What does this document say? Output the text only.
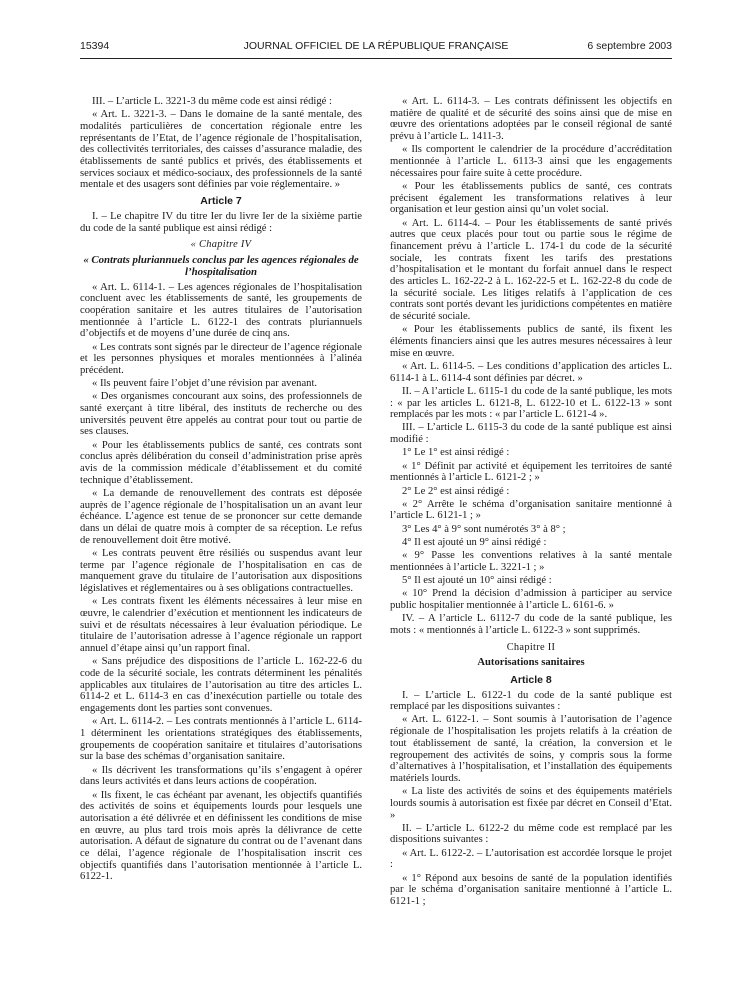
15394	JOURNAL OFFICIEL DE LA RÉPUBLIQUE FRANÇAISE	6 septembre 2003

III. – L’article L. 3221-3 du même code est ainsi rédigé :

« Art. L. 3221-3. – Dans le domaine de la santé mentale, des modalités particulières de concertation régionale entre les représentants de l’Etat, de l’agence régionale de l’hospitalisation, des collectivités territoriales, des caisses d’assurance maladie, des établissements de santé publics et privés, des établissements et services sociaux et médico-sociaux, des professionnels de la santé mentale et des usagers sont définies par voie réglementaire. »

Article 7

I. – Le chapitre IV du titre Ier du livre Ier de la sixième partie du code de la santé publique est ainsi rédigé :

« Chapitre IV
« Contrats pluriannuels conclus par les agences régionales de l’hospitalisation

« Art. L. 6114-1. – Les agences régionales de l’hospitalisation concluent avec les établissements de santé, les groupements de coopération sanitaire et les autres titulaires de l’autorisation mentionnée à l’article L. 6122-1 des contrats pluriannuels d’objectifs et de moyens d’une durée de cinq ans.

« Les contrats sont signés par le directeur de l’agence régionale et les personnes physiques et morales mentionnées à l’alinéa précédent.

« Ils peuvent faire l’objet d’une révision par avenant.

« Des organismes concourant aux soins, des professionnels de santé exerçant à titre libéral, des instituts de recherche ou des universités peuvent être appelés au contrat pour tout ou partie de ses clauses.

« Pour les établissements publics de santé, ces contrats sont conclus après délibération du conseil d’administration prise après avis de la commission médicale d’établissement et du comité technique d’établissement.

« La demande de renouvellement des contrats est déposée auprès de l’agence régionale de l’hospitalisation un an avant leur échéance. L’agence est tenue de se prononcer sur cette demande dans un délai de quatre mois à compter de sa réception. Le refus de renouvellement doit être motivé.

« Les contrats peuvent être résiliés ou suspendus avant leur terme par l’agence régionale de l’hospitalisation en cas de manquement grave du titulaire de l’autorisation aux dispositions législatives et réglementaires ou à ses obligations contractuelles.

« Les contrats fixent les éléments nécessaires à leur mise en œuvre, le calendrier d’exécution et mentionnent les indicateurs de suivi et de résultats nécessaires à leur évaluation périodique. Le titulaire de l’autorisation adresse à l’agence régionale un rapport annuel d’étape ainsi qu’un rapport final.

« Sans préjudice des dispositions de l’article L. 162-22-6 du code de la sécurité sociale, les contrats déterminent les pénalités applicables aux titulaires de l’autorisation au titre des articles L. 6114-2 et L. 6114-3 en cas d’inexécution partielle ou totale des engagements dont les parties sont convenues.

« Art. L. 6114-2. – Les contrats mentionnés à l’article L. 6114-1 déterminent les orientations stratégiques des établissements, groupements de coopération sanitaire et titulaires d’autorisations sur la base des schémas d’organisation sanitaire.

« Ils décrivent les transformations qu’ils s’engagent à opérer dans leurs activités et dans leurs actions de coopération.

« Ils fixent, le cas échéant par avenant, les objectifs quantifiés des activités de soins et équipements lourds pour lesquels une autorisation a été délivrée et en définissent les conditions de mise en œuvre, au plus tard trois mois après la délivrance de cette autorisation. A défaut de signature du contrat ou de l’avenant dans ce délai, l’agence régionale de l’hospitalisation inscrit ces objectifs quantifiés dans l’autorisation mentionnée à l’article L. 6122-1.

« Art. L. 6114-3. – Les contrats définissent les objectifs en matière de qualité et de sécurité des soins ainsi que de mise en œuvre des orientations adoptées par le conseil régional de santé prévu à l’article L. 1411-3.

« Ils comportent le calendrier de la procédure d’accréditation mentionnée à l’article L. 6113-3 ainsi que les engagements nécessaires pour faire suite à cette procédure.

« Pour les établissements publics de santé, ces contrats précisent également les transformations relatives à leur organisation et leur gestion ainsi qu’un volet social.

« Art. L. 6114-4. – Pour les établissements de santé privés autres que ceux placés pour tout ou partie sous le régime de financement prévu à l’article L. 174-1 du code de la sécurité sociale, les contrats fixent les tarifs des prestations d’hospitalisation et le montant du forfait annuel dans le respect des articles L. 162-22-2 à L. 162-22-5 et L. 162-22-8 du code de la sécurité sociale. Les litiges relatifs à l’application de ces contrats sont portés devant les juridictions compétentes en matière de sécurité sociale.

« Pour les établissements publics de santé, ils fixent les éléments financiers ainsi que les autres mesures nécessaires à leur mise en œuvre.

« Art. L. 6114-5. – Les conditions d’application des articles L. 6114-1 à L. 6114-4 sont définies par décret. »

II. – A l’article L. 6115-1 du code de la santé publique, les mots : « par les articles L. 6121-8, L. 6122-10 et L. 6122-13 » sont remplacés par les mots : « par l’article L. 6121-4 ».

III. – L’article L. 6115-3 du code de la santé publique est ainsi modifié :

1° Le 1° est ainsi rédigé :

« 1° Définit par activité et équipement les territoires de santé mentionnés à l’article L. 6121-2 ; »

2° Le 2° est ainsi rédigé :

« 2° Arrête le schéma d’organisation sanitaire mentionné à l’article L. 6121-1 ; »

3° Les 4° à 9° sont numérotés 3° à 8° ;

4° Il est ajouté un 9° ainsi rédigé :

« 9° Passe les conventions relatives à la santé mentale mentionnées à l’article L. 3221-1 ; »

5° Il est ajouté un 10° ainsi rédigé :

« 10° Prend la décision d’admission à participer au service public hospitalier mentionnée à l’article L. 6161-6. »

IV. – A l’article L. 6112-7 du code de la santé publique, les mots : « mentionnés à l’article L. 6122-3 » sont supprimés.

Chapitre II
Autorisations sanitaires
Article 8

I. – L’article L. 6122-1 du code de la santé publique est remplacé par les dispositions suivantes :

« Art. L. 6122-1. – Sont soumis à l’autorisation de l’agence régionale de l’hospitalisation les projets relatifs à la création de tout établissement de santé, la création, la conversion et le regroupement des activités de soins, y compris sous la forme d’alternatives à l’hospitalisation, et l’installation des équipements matériels lourds.

« La liste des activités de soins et des équipements matériels lourds soumis à autorisation est fixée par décret en Conseil d’Etat. »

II. – L’article L. 6122-2 du même code est remplacé par les dispositions suivantes :

« Art. L. 6122-2. – L’autorisation est accordée lorsque le projet :

« 1° Répond aux besoins de santé de la population identifiés par le schéma d’organisation sanitaire mentionné à l’article L. 6121-1 ;
